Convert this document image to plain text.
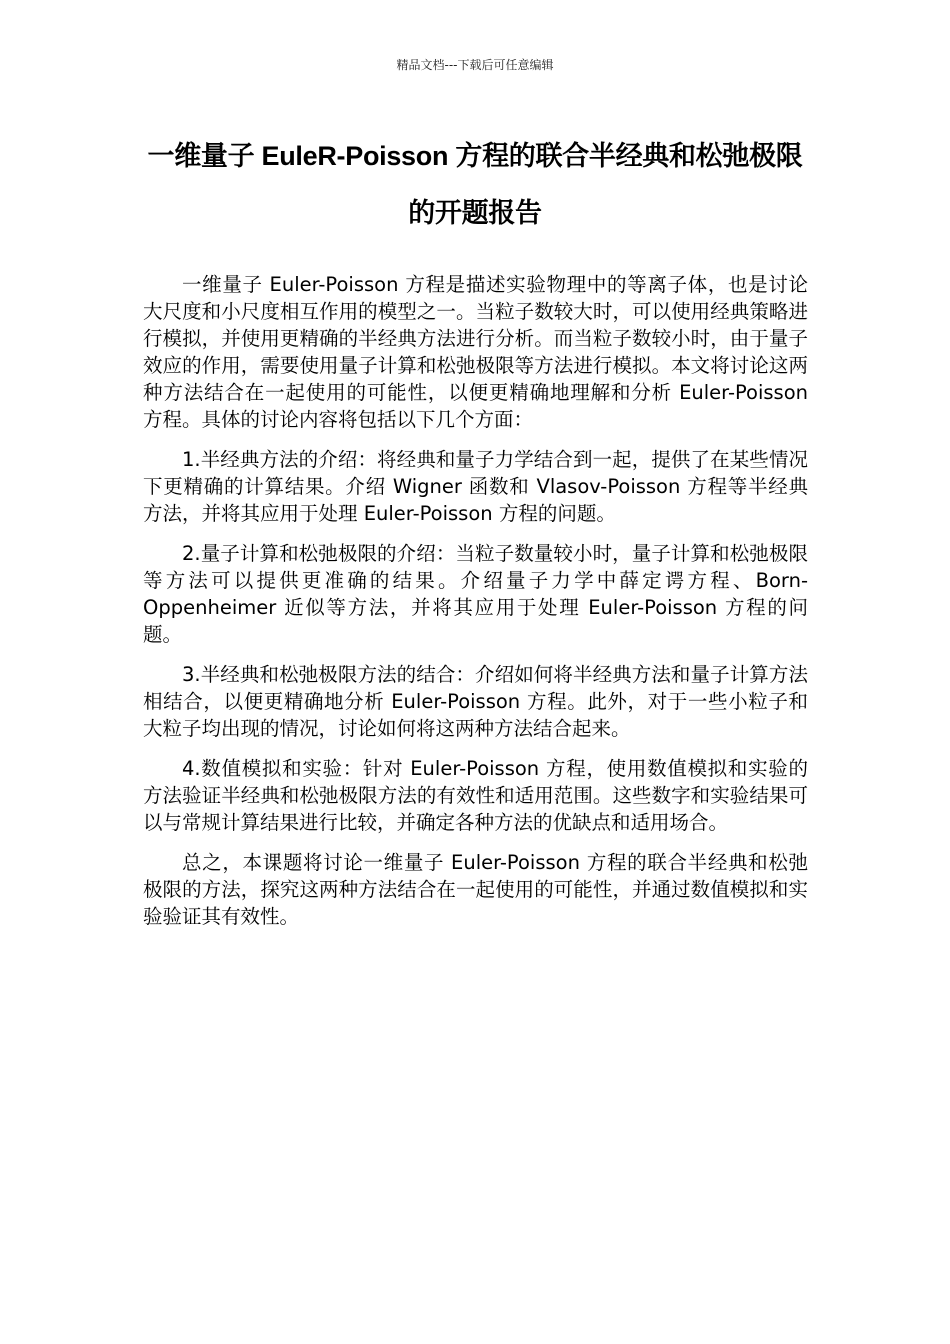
精品文档---下载后可任意编辑
一维量子 EuleR-Poisson 方程的联合半经典和松弛极限的开题报告

一维量子 Euler-Poisson 方程是描述实验物理中的等离子体，也是讨论大尺度和小尺度相互作用的模型之一。当粒子数较大时，可以使用经典策略进行模拟，并使用更精确的半经典方法进行分析。而当粒子数较小时，由于量子效应的作用，需要使用量子计算和松弛极限等方法进行模拟。本文将讨论这两种方法结合在一起使用的可能性，以便更精确地理解和分析 Euler-Poisson 方程。具体的讨论内容将包括以下几个方面：

1.半经典方法的介绍：将经典和量子力学结合到一起，提供了在某些情况下更精确的计算结果。介绍 Wigner 函数和 Vlasov-Poisson 方程等半经典方法，并将其应用于处理 Euler-Poisson 方程的问题。

2.量子计算和松弛极限的介绍：当粒子数量较小时，量子计算和松弛极限等方法可以提供更准确的结果。介绍量子力学中薛定谔方程、Born-Oppenheimer 近似等方法，并将其应用于处理 Euler-Poisson 方程的问题。

3.半经典和松弛极限方法的结合：介绍如何将半经典方法和量子计算方法相结合，以便更精确地分析 Euler-Poisson 方程。此外，对于一些小粒子和大粒子均出现的情况，讨论如何将这两种方法结合起来。

4.数值模拟和实验：针对 Euler-Poisson 方程，使用数值模拟和实验的方法验证半经典和松弛极限方法的有效性和适用范围。这些数字和实验结果可以与常规计算结果进行比较，并确定各种方法的优缺点和适用场合。

总之，本课题将讨论一维量子 Euler-Poisson 方程的联合半经典和松弛极限的方法，探究这两种方法结合在一起使用的可能性，并通过数值模拟和实验验证其有效性。
